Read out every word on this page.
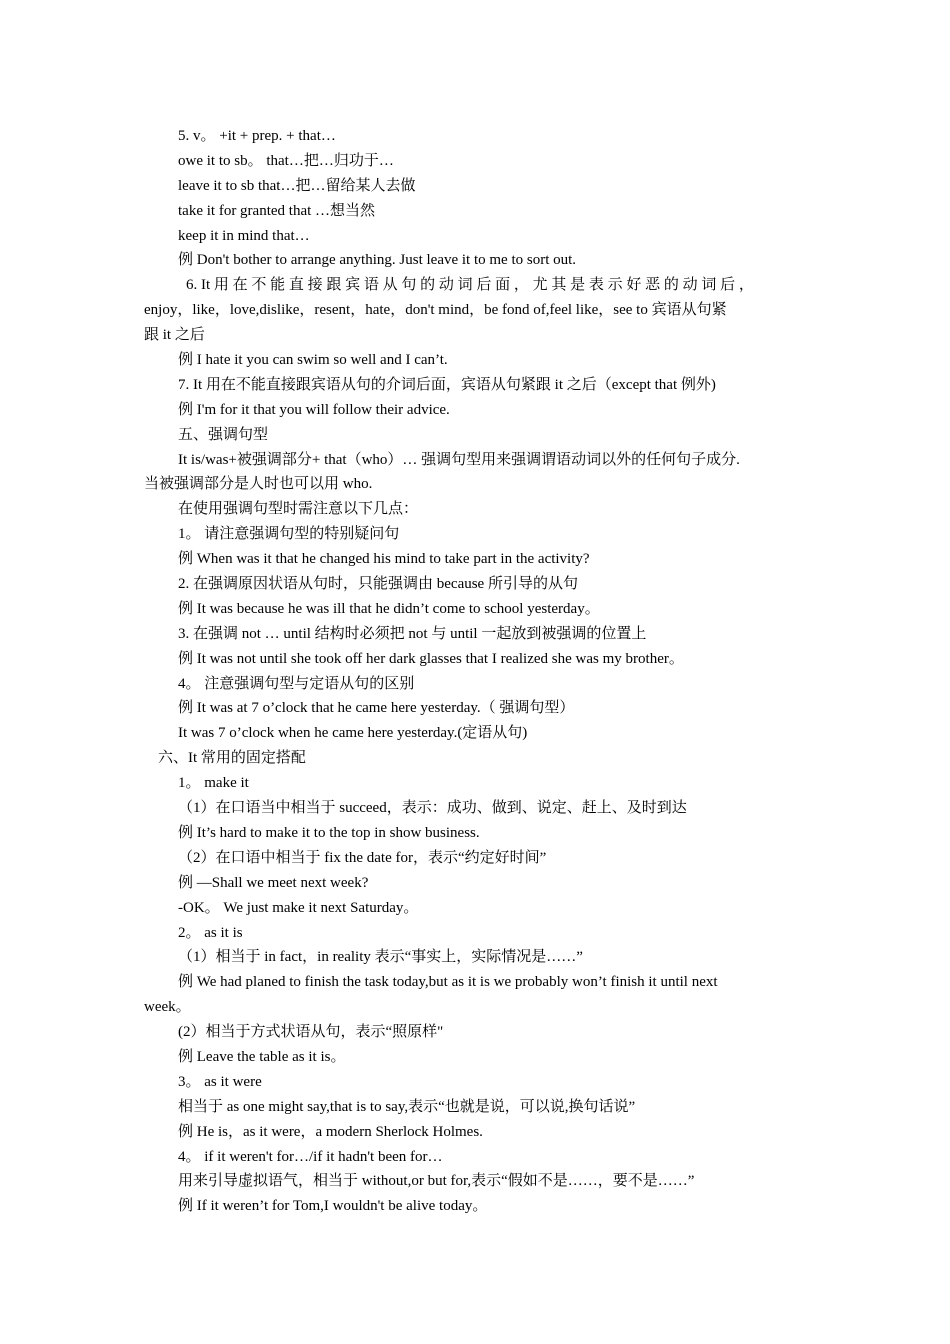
5. v。 +it + prep. + that…
owe it to sb。 that…把…归功于…
leave it to sb that…把…留给某人去做
take it for granted that …想当然
keep it in mind that…
例 Don't bother to arrange anything. Just leave it to me to sort out.
6. It 用 在 不 能 直 接 跟 宾 语 从 句 的 动 词 后 面 ， 尤 其 是 表 示 好 恶 的 动 词 后 ，
enjoy，like，love,dislike，resent，hate，don't mind，be fond of,feel like，see to 宾语从句紧
跟 it 之后
例 I hate it you can swim so well and I can’t.
7. It 用在不能直接跟宾语从句的介词后面，宾语从句紧跟 it 之后（except that 例外)
例 I'm for it that you will follow their advice.
五、强调句型
It is/was+被强调部分+ that（who）… 强调句型用来强调谓语动词以外的任何句子成分.
当被强调部分是人时也可以用 who.
在使用强调句型时需注意以下几点：
1。 请注意强调句型的特别疑问句
例 When was it that he changed his mind to take part in the activity?
2. 在强调原因状语从句时，只能强调由 because 所引导的从句
例 It was because he was ill that he didn’t come to school yesterday。
3. 在强调 not … until 结构时必须把 not 与 until 一起放到被强调的位置上
例 It was not until she took off her dark glasses that I realized she was my brother。
4。 注意强调句型与定语从句的区别
例 It was at 7 o’clock that he came here yesterday.（ 强调句型）
It was 7 o’clock when he came here yesterday.(定语从句)
六、It 常用的固定搭配
1。 make it
（1）在口语当中相当于 succeed，表示：成功、做到、说定、赶上、及时到达
例 It’s hard to make it to the top in show business.
（2）在口语中相当于 fix the date for，表示“约定好时间”
例 —Shall we meet next week?
-OK。 We just make it next Saturday。
2。 as it is
（1）相当于 in fact，in reality 表示“事实上，实际情况是……”
例 We had planed to finish the task today,but as it is we probably won’t finish it until next
week。
(2）相当于方式状语从句，表示“照原样"
例 Leave the table as it is。
3。 as it were
相当于 as one might say,that is to say,表示“也就是说，可以说,换句话说”
例 He is，as it were，a modern Sherlock Holmes.
4。 if it weren't for…/if it hadn't been for…
用来引导虚拟语气，相当于 without,or but for,表示“假如不是……，要不是……”
例 If it weren’t for Tom,I wouldn't be alive today。
